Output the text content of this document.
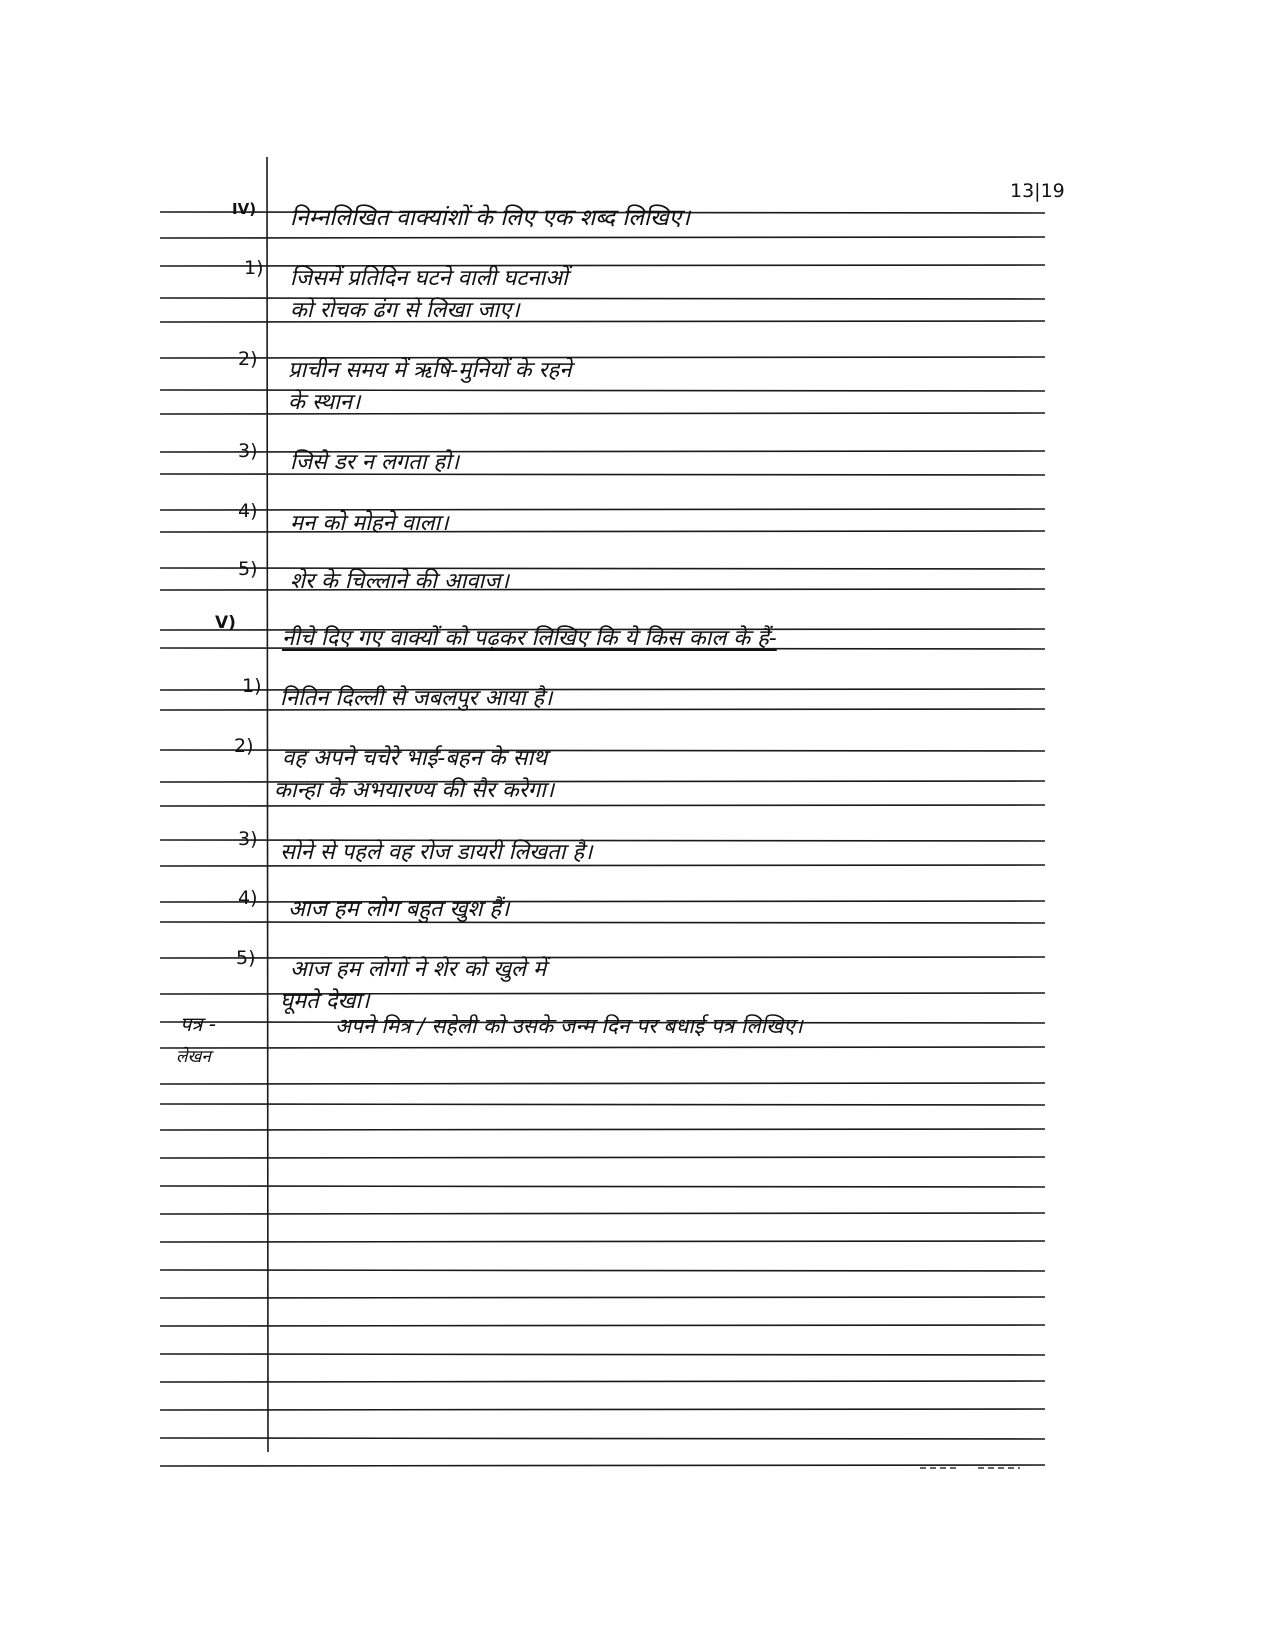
13|19
IV) निम्नलिखित वाक्यांशों के लिए एक शब्द लिखिए।
1) जिसमें प्रतिदिन घटने वाली घटनाओं
को रोचक ढंग से लिखा जाए।
2) प्राचीन समय में ऋषि-मुनियों के रहने
के स्थान।
3) जिसे डर न लगता हो।
4) मन को मोहने वाला।
5) शेर के चिल्लाने की आवाज।
V)
नीचे दिए गए वाक्यों को पढ़कर लिखिए कि ये किस काल के हैं-
1) नितिन दिल्ली से जबलपुर आया है।
2) वह अपने चचेरे भाई-बहन के साथ
कान्हा के अभयारण्य की सैर करेगा।
3)
सोने से पहले वह रोज डायरी लिखता है।
4) आज हम लोग बहुत खुश हैं।
5) आज हम लोगों ने शेर को खुले में
घूमते देखा।
पत्र -
लेखन
अपने मित्र / सहेली को उसके जन्म दिन पर बधाई पत्र लिखिए।
